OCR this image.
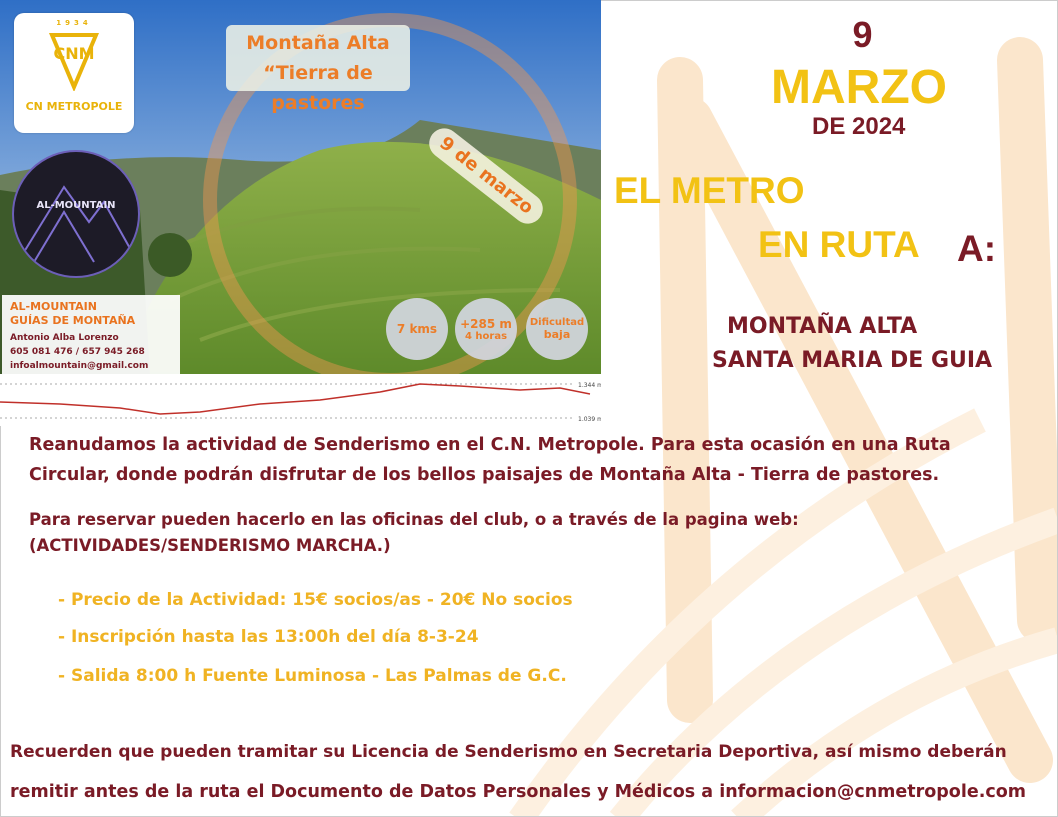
1934
CNM
CN METROPOLE
AL-MOUNTAIN
Montaña Alta
“Tierra de pastores
9 de marzo
7 kms +285 m
4 horas
Dificultad
baja
AL-MOUNTAIN
GUÍAS DE MONTAÑA
Antonio Alba Lorenzo
605 081 476 / 657 945 268
infoalmountain@gmail.com
1.344 m
1.039 m
9
MARZO
DE 2024
EL METRO
EN RUTA A:
MONTAÑA ALTA
SANTA MARIA DE GUIA
Reanudamos la actividad de Senderismo en el C.N. Metropole. Para esta ocasión en una Ruta
Circular, donde podrán disfrutar de los bellos paisajes de Montaña Alta - Tierra de pastores.
Para reservar pueden hacerlo en las oficinas del club, o a través de la pagina web:
(ACTIVIDADES/SENDERISMO MARCHA.)
- Precio de la Actividad: 15€ socios/as - 20€ No socios
- Inscripción hasta las 13:00h del día 8-3-24
- Salida 8:00 h Fuente Luminosa - Las Palmas de G.C.
Recuerden que pueden tramitar su Licencia de Senderismo en Secretaria Deportiva, así mismo deberán
remitir antes de la ruta el Documento de Datos Personales y Médicos a informacion@cnmetropole.com
